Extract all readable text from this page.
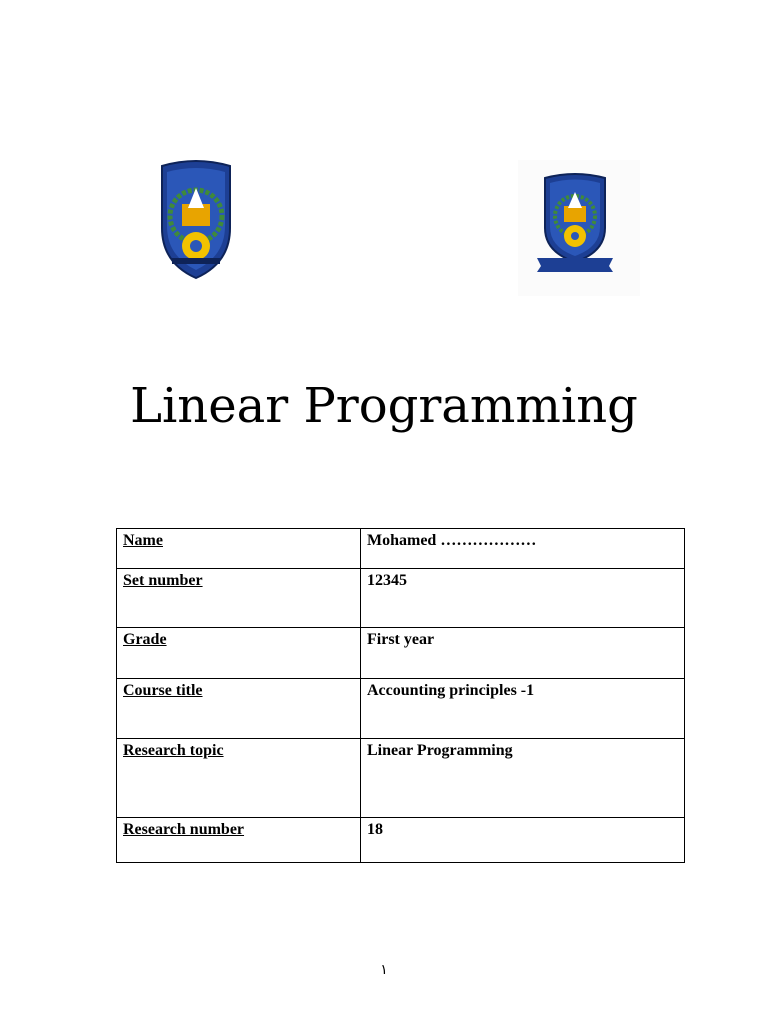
Linear Programming
Name	Mohamed ………………
Set number	12345
Grade	First year
Course title	Accounting principles -1
Research topic	Linear Programming
Research number	18
١
